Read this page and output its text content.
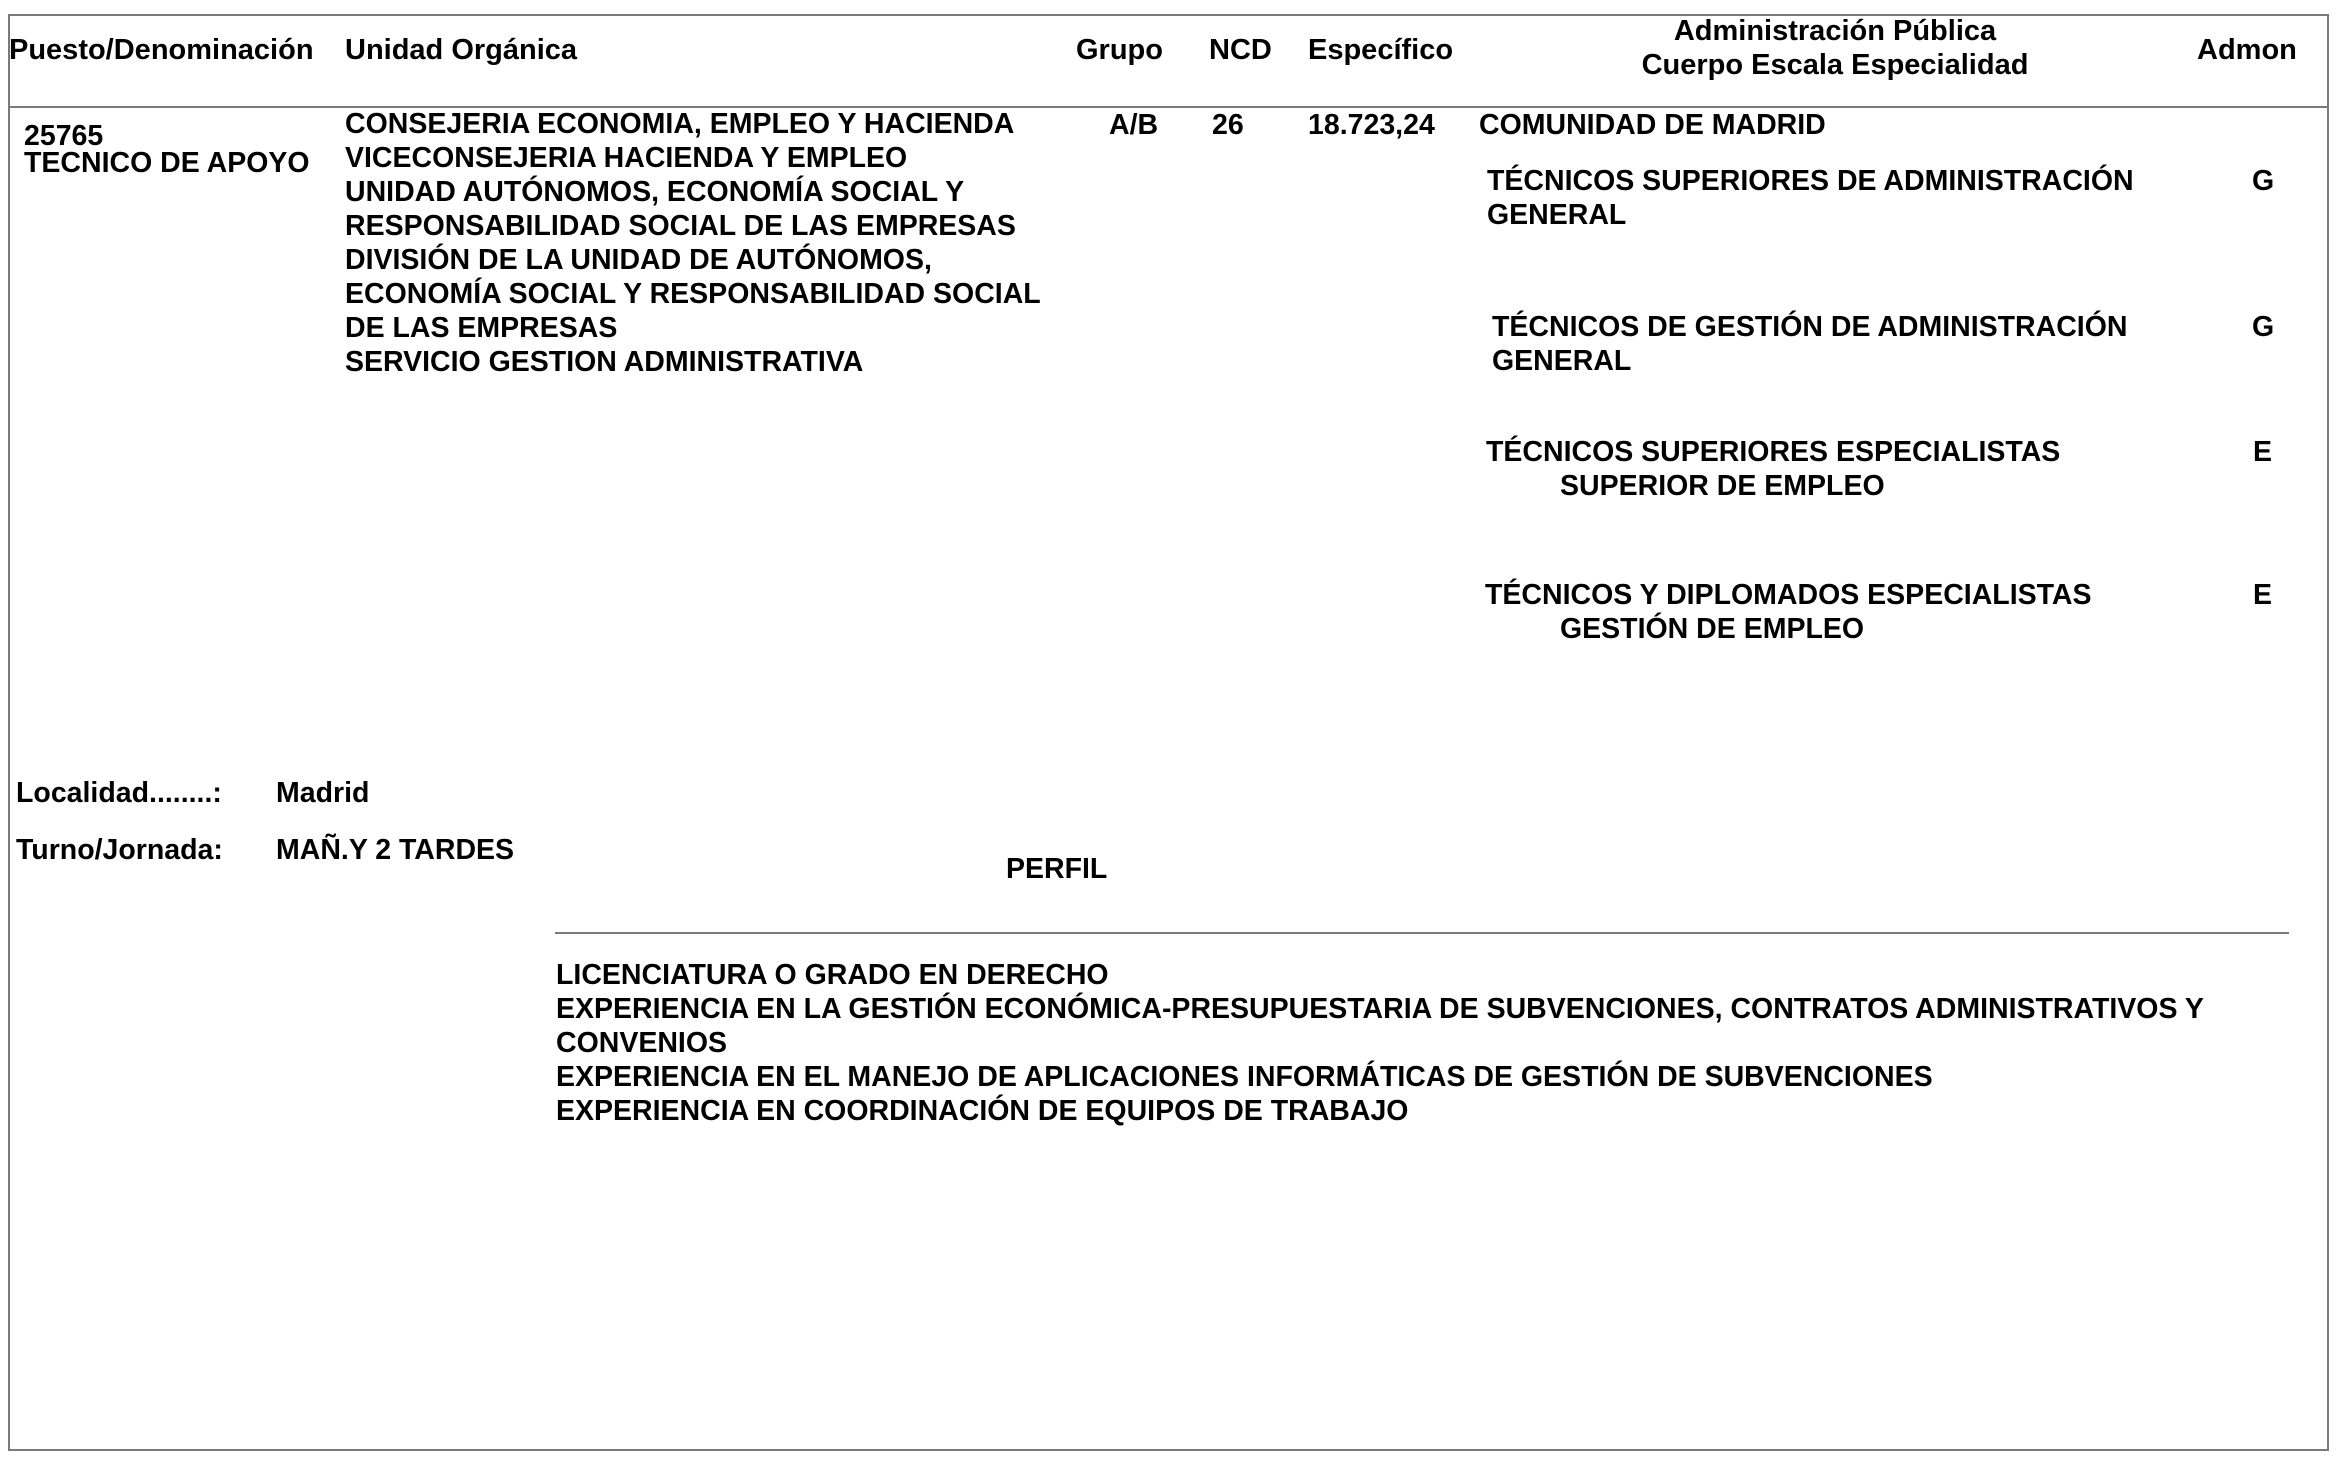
Puesto/Denominación Unidad Orgánica	Grupo NCD Específico
Administración Pública
Cuerpo Escala Especialidad	Admon
25765
TECNICO DE APOYO
CONSEJERIA ECONOMIA, EMPLEO Y HACIENDA
VICECONSEJERIA HACIENDA Y EMPLEO
UNIDAD AUTÓNOMOS, ECONOMÍA SOCIAL Y
RESPONSABILIDAD SOCIAL DE LAS EMPRESAS
DIVISIÓN DE LA UNIDAD DE AUTÓNOMOS,
ECONOMÍA SOCIAL Y RESPONSABILIDAD SOCIAL
DE LAS EMPRESAS
SERVICIO GESTION ADMINISTRATIVA
A/B 26 18.723,24 COMUNIDAD DE MADRID
TÉCNICOS SUPERIORES DE ADMINISTRACIÓN
GENERAL
G
TÉCNICOS DE GESTIÓN DE ADMINISTRACIÓN
GENERAL
G
TÉCNICOS SUPERIORES ESPECIALISTAS
SUPERIOR DE EMPLEO
E
TÉCNICOS Y DIPLOMADOS ESPECIALISTAS
GESTIÓN DE EMPLEO
E
Localidad........: Madrid
Turno/Jornada: MAÑ.Y 2 TARDES
PERFIL
LICENCIATURA O GRADO EN DERECHO
EXPERIENCIA EN LA GESTIÓN ECONÓMICA-PRESUPUESTARIA DE SUBVENCIONES, CONTRATOS ADMINISTRATIVOS Y
CONVENIOS
EXPERIENCIA EN EL MANEJO DE APLICACIONES INFORMÁTICAS DE GESTIÓN DE SUBVENCIONES
EXPERIENCIA EN COORDINACIÓN DE EQUIPOS DE TRABAJO
